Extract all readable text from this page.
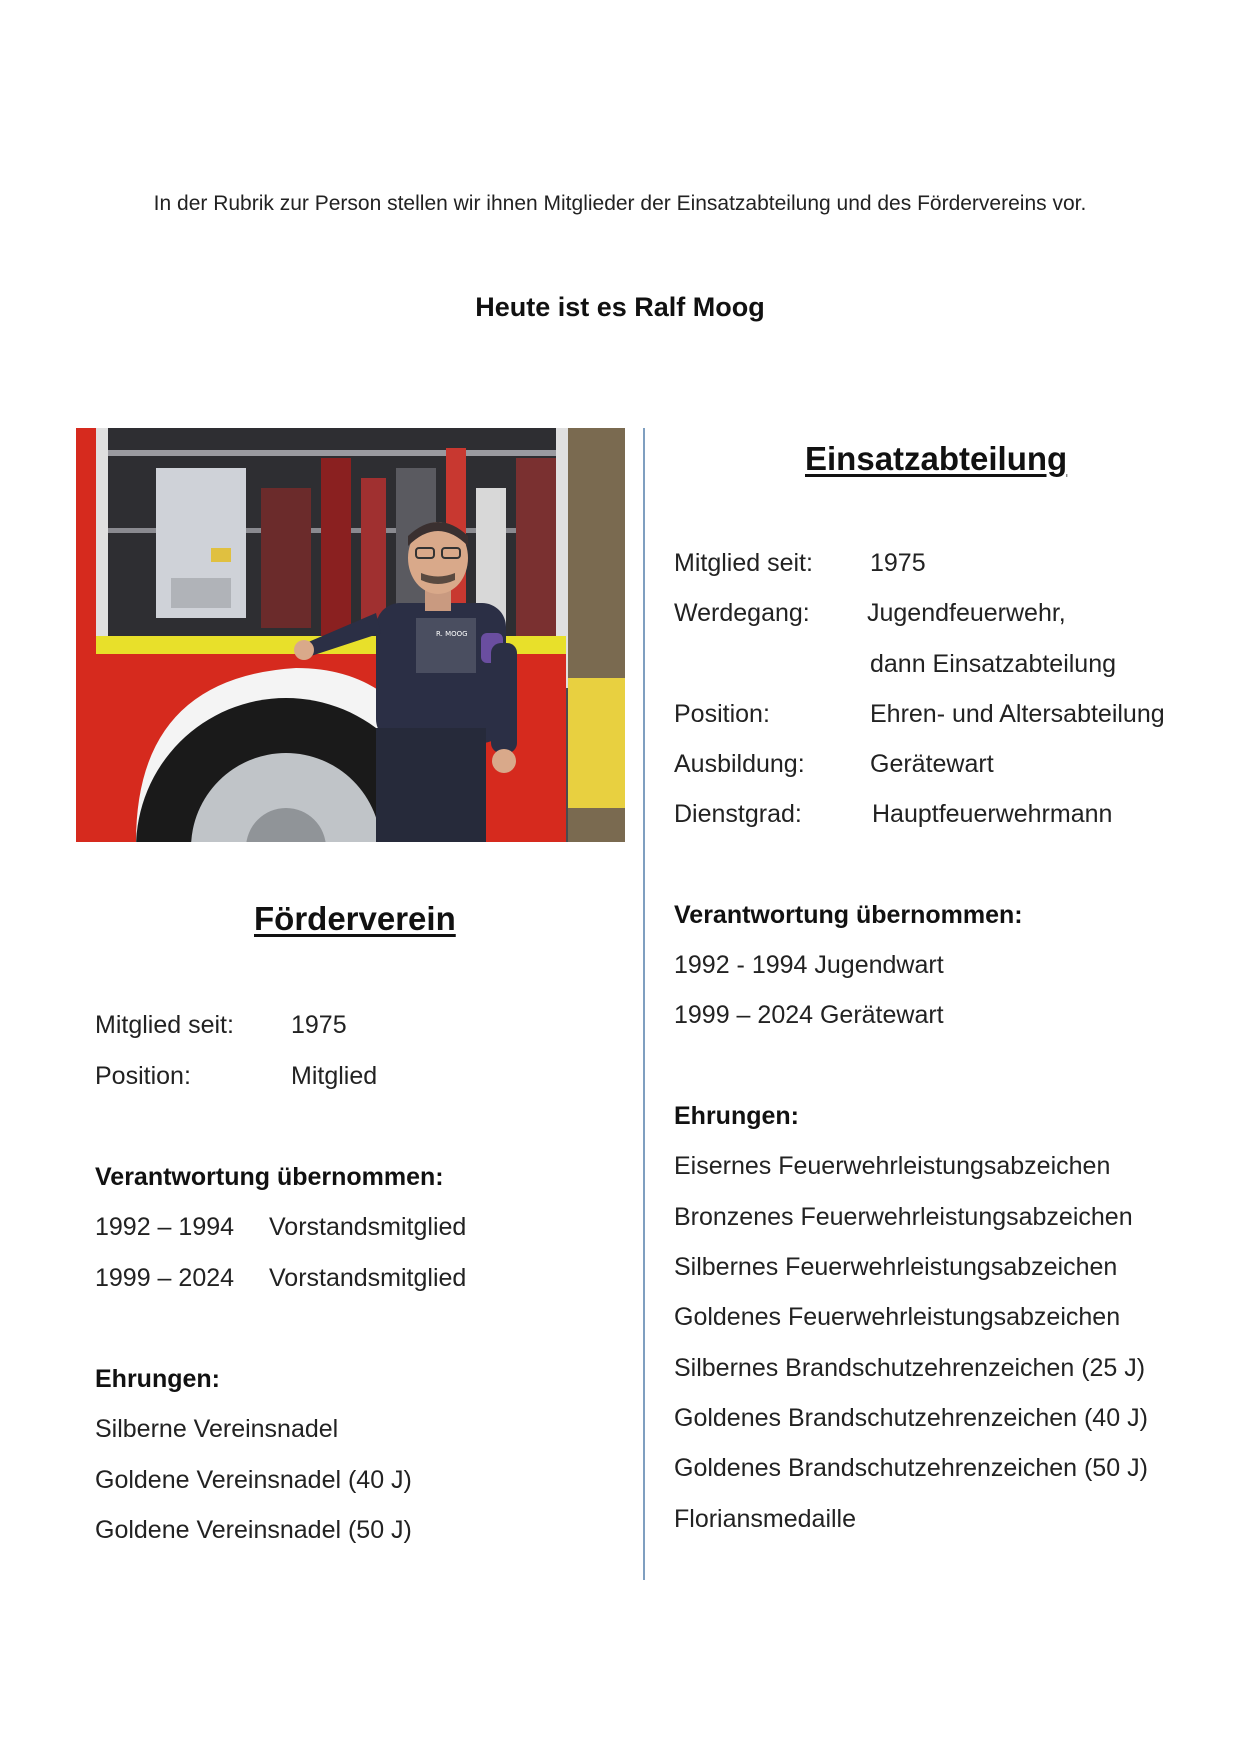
In der Rubrik zur Person stellen wir ihnen Mitglieder der Einsatzabteilung und des Fördervereins vor.
Heute ist es Ralf Moog
R. MOOG
Förderverein
Mitglied seit: 1975
Position:	Mitglied
Verantwortung übernommen:
1992 – 1994 Vorstandsmitglied
1999 – 2024 Vorstandsmitglied
Ehrungen:
Silberne Vereinsnadel
Goldene Vereinsnadel (40 J)
Goldene Vereinsnadel (50 J)
Einsatzabteilung
Mitglied seit: 1975
Werdegang: Jugendfeuerwehr,
dann Einsatzabteilung
Position:	Ehren- und Altersabteilung
Ausbildung:	Gerätewart
Dienstgrad:	Hauptfeuerwehrmann
Verantwortung übernommen:
1992 - 1994 Jugendwart
1999 – 2024 Gerätewart
Ehrungen:
Eisernes Feuerwehrleistungsabzeichen
Bronzenes Feuerwehrleistungsabzeichen
Silbernes Feuerwehrleistungsabzeichen
Goldenes Feuerwehrleistungsabzeichen
Silbernes Brandschutzehrenzeichen (25 J)
Goldenes Brandschutzehrenzeichen (40 J)
Goldenes Brandschutzehrenzeichen (50 J)
Floriansmedaille
